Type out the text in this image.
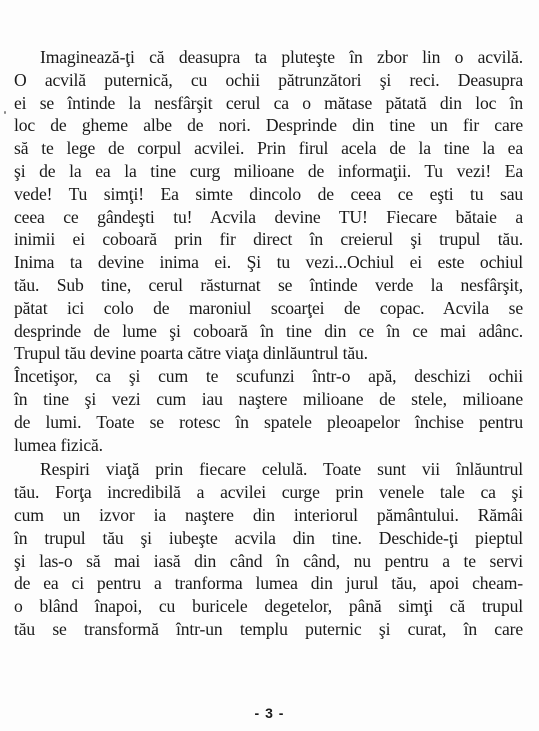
Imaginează-ţi că deasupra ta pluteşte în zbor lin o acvilă.
O acvilă puternică, cu ochii pătrunzători şi reci. Deasupra
ei se întinde la nesfârşit cerul ca o mătase pătată din loc în
loc de gheme albe de nori. Desprinde din tine un fir care
să te lege de corpul acvilei. Prin firul acela de la tine la ea
şi de la ea la tine curg milioane de informaţii. Tu vezi! Ea
vede! Tu simţi! Ea simte dincolo de ceea ce eşti tu sau
ceea ce gândeşti tu! Acvila devine TU! Fiecare bătaie a
inimii ei coboară prin fir direct în creierul şi trupul tău.
Inima ta devine inima ei. Şi tu vezi...Ochiul ei este ochiul
tău. Sub tine, cerul răsturnat se întinde verde la nesfârşit,
pătat ici colo de maroniul scoarţei de copac. Acvila se
desprinde de lume şi coboară în tine din ce în ce mai adânc.
Trupul tău devine poarta către viaţa dinlăuntrul tău.
Încetişor, ca şi cum te scufunzi într-o apă, deschizi ochii
în tine şi vezi cum iau naştere milioane de stele, milioane
de lumi. Toate se rotesc în spatele pleoapelor închise pentru
lumea fizică.
Respiri viaţă prin fiecare celulă. Toate sunt vii înlăuntrul
tău. Forţa incredibilă a acvilei curge prin venele tale ca şi
cum un izvor ia naştere din interiorul pământului. Rămâi
în trupul tău şi iubeşte acvila din tine. Deschide-ţi pieptul
şi las-o să mai iasă din când în când, nu pentru a te servi
de ea ci pentru a tranforma lumea din jurul tău, apoi cheam-
o blând înapoi, cu buricele degetelor, până simţi că trupul
tău se transformă într-un templu puternic şi curat, în care
- 3 -
